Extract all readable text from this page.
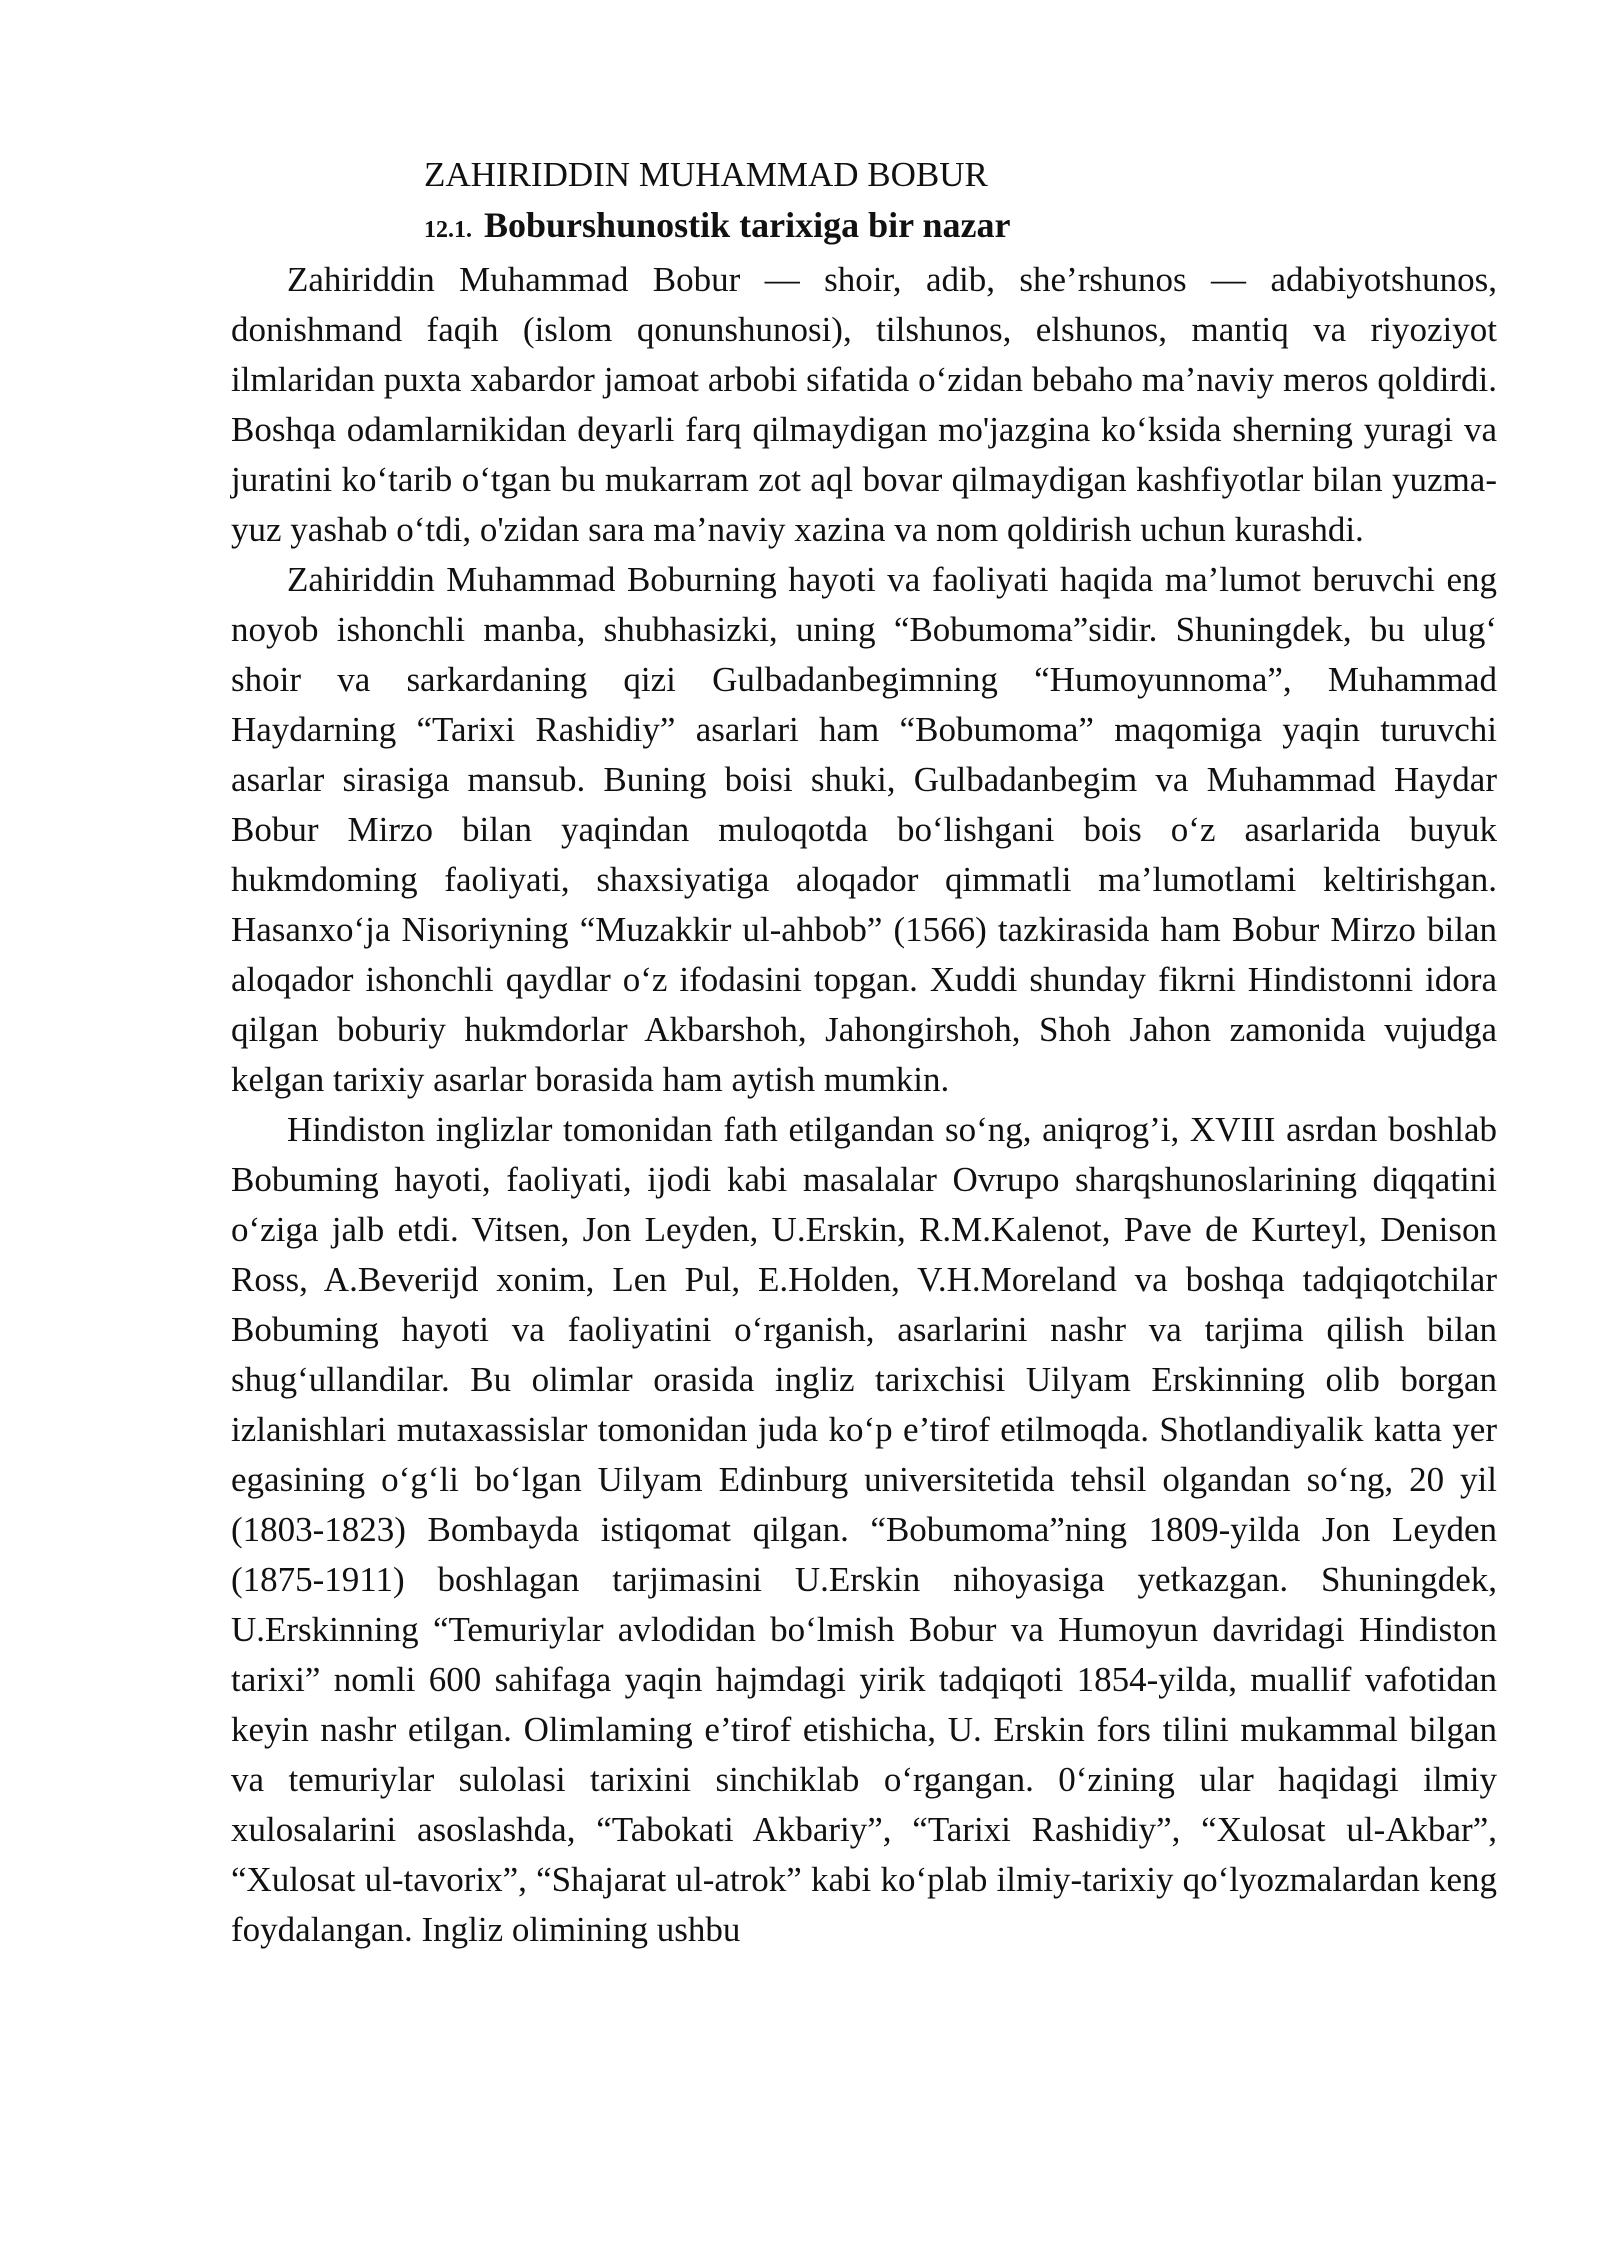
ZAHIRIDDIN MUHAMMAD BOBUR
12.1. Boburshunostik tarixiga bir nazar

Zahiriddin Muhammad Bobur — shoir, adib, she’rshunos — adabiyotshunos, donishmand faqih (islom qonunshunosi), tilshunos, elshunos, mantiq va riyoziyot ilmlaridan puxta xabardor jamoat arbobi sifatida oʻzidan bebaho ma’naviy meros qoldirdi. Boshqa odamlarnikidan deyarli farq qilmaydigan mo'jazgina koʻksida sherning yuragi va juratini koʻtarib oʻtgan bu mukarram zot aql bovar qilmaydigan kashfiyotlar bilan yuzma-yuz yashab oʻtdi, o'zidan sara ma’naviy xazina va nom qoldirish uchun kurashdi.

Zahiriddin Muhammad Boburning hayoti va faoliyati haqida ma’lumot beruvchi eng noyob ishonchli manba, shubhasizki, uning “Bobumoma”sidir. Shuningdek, bu ulugʻ shoir va sarkardaning qizi Gulbadanbegimning “Humoyunnoma”, Muhammad Haydarning “Tarixi Rashidiy” asarlari ham “Bobumoma” maqomiga yaqin turuvchi asarlar sirasiga mansub. Buning boisi shuki, Gulbadanbegim va Muhammad Haydar Bobur Mirzo bilan yaqindan muloqotda boʻlishgani bois oʻz asarlarida buyuk hukmdoming faoliyati, shaxsiyatiga aloqador qimmatli ma’lumotlami keltirishgan. Hasanxoʻja Nisoriyning “Muzakkir ul-ahbob” (1566) tazkirasida ham Bobur Mirzo bilan aloqador ishonchli qaydlar oʻz ifodasini topgan. Xuddi shunday fikrni Hindistonni idora qilgan boburiy hukmdorlar Akbarshoh, Jahongirshoh, Shoh Jahon zamonida vujudga kelgan tarixiy asarlar borasida ham aytish mumkin.

Hindiston inglizlar tomonidan fath etilgandan soʻng, aniqrog’i, XVIII asrdan boshlab Bobuming hayoti, faoliyati, ijodi kabi masalalar Ovrupo sharqshunoslarining diqqatini oʻziga jalb etdi. Vitsen, Jon Leyden, U.Erskin, R.M.Kalenot, Pave de Kurteyl, Denison Ross, A.Beverijd xonim, Len Pul, E.Holden, V.H.Moreland va boshqa tadqiqotchilar Bobuming hayoti va faoliyatini oʻrganish, asarlarini nashr va tarjima qilish bilan shugʻullandilar. Bu olimlar orasida ingliz tarixchisi Uilyam Erskinning olib borgan izlanishlari mutaxassislar tomonidan juda koʻp e’tirof etilmoqda. Shotlandiyalik katta yer egasining oʻgʻli boʻlgan Uilyam Edinburg universitetida tehsil olgandan soʻng, 20 yil (1803-1823) Bombayda istiqomat qilgan. “Bobumoma”ning 1809-yilda Jon Leyden (1875-1911) boshlagan tarjimasini U.Erskin nihoyasiga yetkazgan. Shuningdek, U.Erskinning “Temuriylar avlodidan boʻlmish Bobur va Humoyun davridagi Hindiston tarixi” nomli 600 sahifaga yaqin hajmdagi yirik tadqiqoti 1854-yilda, muallif vafotidan keyin nashr etilgan. Olimlaming e’tirof etishicha, U. Erskin fors tilini mukammal bilgan va temuriylar sulolasi tarixini sinchiklab oʻrgangan. 0ʻzining ular haqidagi ilmiy xulosalarini asoslashda, “Tabokati Akbariy”, “Tarixi Rashidiy”, “Xulosat ul-Akbar”, “Xulosat ul-tavorix”, “Shajarat ul-atrok” kabi koʻplab ilmiy-tarixiy qoʻlyozmalardan keng foydalangan. Ingliz olimining ushbu
